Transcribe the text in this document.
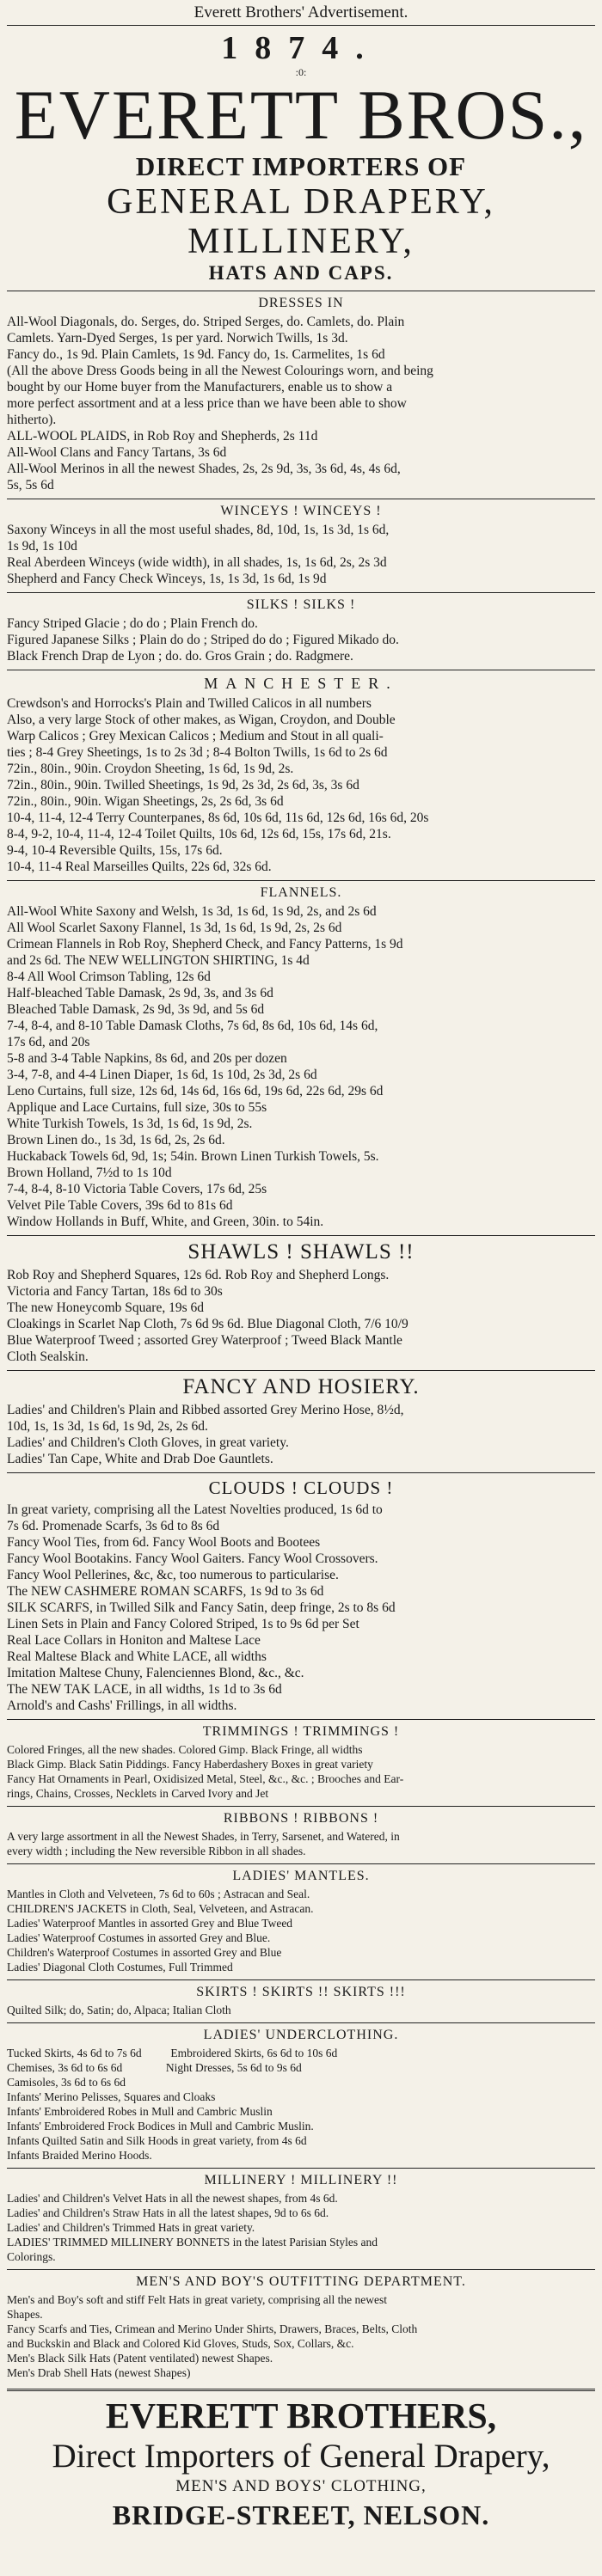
Everett Brothers' Advertisement.
1874.
:0:
EVERETT BROS.,
DIRECT IMPORTERS OF
GENERAL DRAPERY, MILLINERY,
HATS AND CAPS.
DRESSES IN
All-Wool Diagonals, do. Serges, do. Striped Serges, do. Camlets, do. Plain
Camlets. Yarn-Dyed Serges, 1s per yard. Norwich Twills, 1s 3d.
Fancy do., 1s 9d. Plain Camlets, 1s 9d. Fancy do, 1s. Carmelites, 1s 6d
(All the above Dress Goods being in all the Newest Colourings worn, and being
bought by our Home buyer from the Manufacturers, enable us to show a
more perfect assortment and at a less price than we have been able to show
hitherto).
ALL-WOOL PLAIDS, in Rob Roy and Shepherds, 2s 11d
All-Wool Clans and Fancy Tartans, 3s 6d
All-Wool Merinos in all the newest Shades, 2s, 2s 9d, 3s, 3s 6d, 4s, 4s 6d,
5s, 5s 6d
WINCEYS ! WINCEYS !
Saxony Winceys in all the most useful shades, 8d, 10d, 1s, 1s 3d, 1s 6d,
1s 9d, 1s 10d
Real Aberdeen Winceys (wide width), in all shades, 1s, 1s 6d, 2s, 2s 3d
Shepherd and Fancy Check Winceys, 1s, 1s 3d, 1s 6d, 1s 9d
SILKS ! SILKS !
Fancy Striped Glacie ; do do ; Plain French do.
Figured Japanese Silks ; Plain do do ; Striped do do ; Figured Mikado do.
Black French Drap de Lyon ; do. do. Gros Grain ; do. Radgmere.
MANCHESTER.
Crewdson's and Horrocks's Plain and Twilled Calicos in all numbers
Also, a very large Stock of other makes, as Wigan, Croydon, and Double
Warp Calicos ; Grey Mexican Calicos ; Medium and Stout in all quali-
ties ; 8-4 Grey Sheetings, 1s to 2s 3d ; 8-4 Bolton Twills, 1s 6d to 2s 6d
72in., 80in., 90in. Croydon Sheeting, 1s 6d, 1s 9d, 2s.
72in., 80in., 90in. Twilled Sheetings, 1s 9d, 2s 3d, 2s 6d, 3s, 3s 6d
72in., 80in., 90in. Wigan Sheetings, 2s, 2s 6d, 3s 6d
10-4, 11-4, 12-4 Terry Counterpanes, 8s 6d, 10s 6d, 11s 6d, 12s 6d, 16s 6d, 20s
8-4, 9-2, 10-4, 11-4, 12-4 Toilet Quilts, 10s 6d, 12s 6d, 15s, 17s 6d, 21s.
9-4, 10-4 Reversible Quilts, 15s, 17s 6d.
10-4, 11-4 Real Marseilles Quilts, 22s 6d, 32s 6d.
FLANNELS.
All-Wool White Saxony and Welsh, 1s 3d, 1s 6d, 1s 9d, 2s, and 2s 6d
All Wool Scarlet Saxony Flannel, 1s 3d, 1s 6d, 1s 9d, 2s, 2s 6d
Crimean Flannels in Rob Roy, Shepherd Check, and Fancy Patterns, 1s 9d
and 2s 6d. The NEW WELLINGTON SHIRTING, 1s 4d
8-4 All Wool Crimson Tabling, 12s 6d
Half-bleached Table Damask, 2s 9d, 3s, and 3s 6d
Bleached Table Damask, 2s 9d, 3s 9d, and 5s 6d
7-4, 8-4, and 8-10 Table Damask Cloths, 7s 6d, 8s 6d, 10s 6d, 14s 6d,
17s 6d, and 20s
5-8 and 3-4 Table Napkins, 8s 6d, and 20s per dozen
3-4, 7-8, and 4-4 Linen Diaper, 1s 6d, 1s 10d, 2s 3d, 2s 6d
Leno Curtains, full size, 12s 6d, 14s 6d, 16s 6d, 19s 6d, 22s 6d, 29s 6d
Applique and Lace Curtains, full size, 30s to 55s
White Turkish Towels, 1s 3d, 1s 6d, 1s 9d, 2s.
Brown Linen do., 1s 3d, 1s 6d, 2s, 2s 6d.
Huckaback Towels 6d, 9d, 1s; 54in. Brown Linen Turkish Towels, 5s.
Brown Holland, 7½d to 1s 10d
7-4, 8-4, 8-10 Victoria Table Covers, 17s 6d, 25s
Velvet Pile Table Covers, 39s 6d to 81s 6d
Window Hollands in Buff, White, and Green, 30in. to 54in.
SHAWLS ! SHAWLS !!
Rob Roy and Shepherd Squares, 12s 6d. Rob Roy and Shepherd Longs.
Victoria and Fancy Tartan, 18s 6d to 30s
The new Honeycomb Square, 19s 6d
Cloakings in Scarlet Nap Cloth, 7s 6d 9s 6d. Blue Diagonal Cloth, 7/6 10/9
Blue Waterproof Tweed ; assorted Grey Waterproof ; Tweed Black Mantle
Cloth Sealskin.
FANCY AND HOSIERY.
Ladies' and Children's Plain and Ribbed assorted Grey Merino Hose, 8½d,
10d, 1s, 1s 3d, 1s 6d, 1s 9d, 2s, 2s 6d.
Ladies' and Children's Cloth Gloves, in great variety.
Ladies' Tan Cape, White and Drab Doe Gauntlets.
CLOUDS ! CLOUDS !
In great variety, comprising all the Latest Novelties produced, 1s 6d to
7s 6d. Promenade Scarfs, 3s 6d to 8s 6d
Fancy Wool Ties, from 6d. Fancy Wool Boots and Bootees
Fancy Wool Bootakins. Fancy Wool Gaiters. Fancy Wool Crossovers.
Fancy Wool Pellerines, &c, &c, too numerous to particularise.
The NEW CASHMERE ROMAN SCARFS, 1s 9d to 3s 6d
SILK SCARFS, in Twilled Silk and Fancy Satin, deep fringe, 2s to 8s 6d
Linen Sets in Plain and Fancy Colored Striped, 1s to 9s 6d per Set
Real Lace Collars in Honiton and Maltese Lace
Real Maltese Black and White LACE, all widths
Imitation Maltese Chuny, Falenciennes Blond, &c., &c.
The NEW TAK LACE, in all widths, 1s 1d to 3s 6d
Arnold's and Cashs' Frillings, in all widths.
TRIMMINGS ! TRIMMINGS !
Colored Fringes, all the new shades. Colored Gimp. Black Fringe, all widths
Black Gimp. Black Satin Piddings. Fancy Haberdashery Boxes in great variety
Fancy Hat Ornaments in Pearl, Oxidisized Metal, Steel, &c., &c. ; Brooches and Ear-
rings, Chains, Crosses, Necklets in Carved Ivory and Jet
RIBBONS ! RIBBONS !
A very large assortment in all the Newest Shades, in Terry, Sarsenet, and Watered, in
every width ; including the New reversible Ribbon in all shades.
LADIES' MANTLES.
Mantles in Cloth and Velveteen, 7s 6d to 60s ; Astracan and Seal.
CHILDREN'S JACKETS in Cloth, Seal, Velveteen, and Astracan.
Ladies' Waterproof Mantles in assorted Grey and Blue Tweed
Ladies' Waterproof Costumes in assorted Grey and Blue.
Children's Waterproof Costumes in assorted Grey and Blue
Ladies' Diagonal Cloth Costumes, Full Trimmed
SKIRTS ! SKIRTS !! SKIRTS !!!
Quilted Silk; do, Satin; do, Alpaca; Italian Cloth
LADIES' UNDERCLOTHING.
Tucked Skirts, 4s 6d to 7s 6d          Embroidered Skirts, 6s 6d to 10s 6d
Chemises, 3s 6d to 6s 6d               Night Dresses, 5s 6d to 9s 6d
Camisoles, 3s 6d to 6s 6d
Infants' Merino Pelisses, Squares and Cloaks
Infants' Embroidered Robes in Mull and Cambric Muslin
Infants' Embroidered Frock Bodices in Mull and Cambric Muslin.
Infants Quilted Satin and Silk Hoods in great variety, from 4s 6d
Infants Braided Merino Hoods.
MILLINERY ! MILLINERY !!
Ladies' and Children's Velvet Hats in all the newest shapes, from 4s 6d.
Ladies' and Children's Straw Hats in all the latest shapes, 9d to 6s 6d.
Ladies' and Children's Trimmed Hats in great variety.
LADIES' TRIMMED MILLINERY BONNETS in the latest Parisian Styles and
Colorings.
MEN'S AND BOY'S OUTFITTING DEPARTMENT.
Men's and Boy's soft and stiff Felt Hats in great variety, comprising all the newest
Shapes.
Fancy Scarfs and Ties, Crimean and Merino Under Shirts, Drawers, Braces, Belts, Cloth
and Buckskin and Black and Colored Kid Gloves, Studs, Sox, Collars, &c.
Men's Black Silk Hats (Patent ventilated) newest Shapes.
Men's Drab Shell Hats (newest Shapes)
EVERETT BROTHERS,
Direct Importers of General Drapery,
MEN'S AND BOYS' CLOTHING,
BRIDGE-STREET, NELSON.
